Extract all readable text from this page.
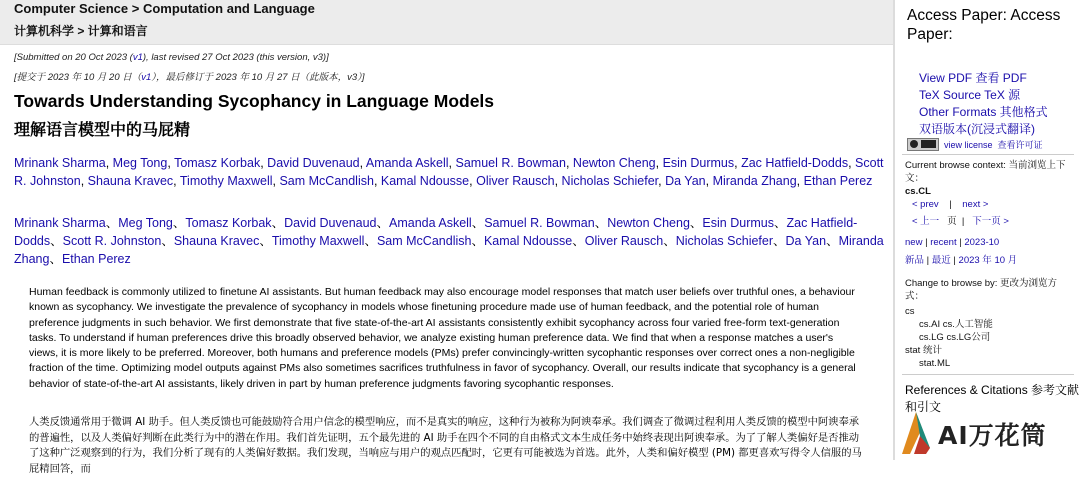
Computer Science > Computation and Language
计算机科学 > 计算和语言
[Submitted on 20 Oct 2023 (v1), last revised 27 Oct 2023 (this version, v3)]
[提交于 2023 年 10 月 20 日（v1），最后修订于 2023 年 10 月 27 日（此版本，v3）]
Towards Understanding Sycophancy in Language Models
理解语言模型中的马屁精
Mrinank Sharma, Meg Tong, Tomasz Korbak, David Duvenaud, Amanda Askell, Samuel R. Bowman, Newton Cheng, Esin Durmus, Zac Hatfield-Dodds, Scott R. Johnston, Shauna Kravec, Timothy Maxwell, Sam McCandlish, Kamal Ndousse, Oliver Rausch, Nicholas Schiefer, Da Yan, Miranda Zhang, Ethan Perez
Mrinank Sharma、Meg Tong、Tomasz Korbak、David Duvenaud、Amanda Askell、Samuel R. Bowman、Newton Cheng、Esin Durmus、Zac Hatfield-Dodds、Scott R. Johnston、Shauna Kravec、Timothy Maxwell、Sam McCandlish、Kamal Ndousse、Oliver Rausch、Nicholas Schiefer、Da Yan、Miranda Zhang、Ethan Perez
Human feedback is commonly utilized to finetune AI assistants. But human feedback may also encourage model responses that match user beliefs over truthful ones, a behaviour known as sycophancy. We investigate the prevalence of sycophancy in models whose finetuning procedure made use of human feedback, and the potential role of human preference judgments in such behavior. We first demonstrate that five state-of-the-art AI assistants consistently exhibit sycophancy across four varied free-form text-generation tasks. To understand if human preferences drive this broadly observed behavior, we analyze existing human preference data. We find that when a response matches a user's views, it is more likely to be preferred. Moreover, both humans and preference models (PMs) prefer convincingly-written sycophantic responses over correct ones a non-negligible fraction of the time. Optimizing model outputs against PMs also sometimes sacrifices truthfulness in favor of sycophancy. Overall, our results indicate that sycophancy is a general behavior of state-of-the-art AI assistants, likely driven in part by human preference judgments favoring sycophantic responses.
人类反馈通常用于微调 AI 助手。但人类反馈也可能鼓励符合用户信念的模型响应，而不是真实的响应，这种行为被称为阿谀奉承。我们调查了微调过程利用人类反馈的模型中阿谀奉承的普遍性，以及人类偏好判断在此类行为中的潜在作用。我们首先证明，五个最先进的 AI 助手在四个不同的自由格式文本生成任务中始终表现出阿谀奉承。为了了解人类偏好是否推动了这种广泛观察到的行为，我们分析了现有的人类偏好数据。我们发现，当响应与用户的观点匹配时，它更有可能被选为首选。此外，人类和偏好模型 (PM) 都更喜欢写得令人信服的马屁精回答，而
Access Paper: Access Paper:
View PDF 查看 PDF
TeX Source TeX 源
Other Formats 其他格式
双语版本(沉浸式翻译)
view license 查看许可证
Current browse context: 当前浏览上下文：
cs.CL
< prev | next >
< 上一 页  |   下一页 >
new | recent | 2023-10
新品 | 最近 | 2023 年 10 月
Change to browse by: 更改为浏览方式：
cs
cs.AI cs.人工智能
cs.LG cs.LG公司
stat 统计
stat.ML
References & Citations 参考文献和引文
AI万花筒
